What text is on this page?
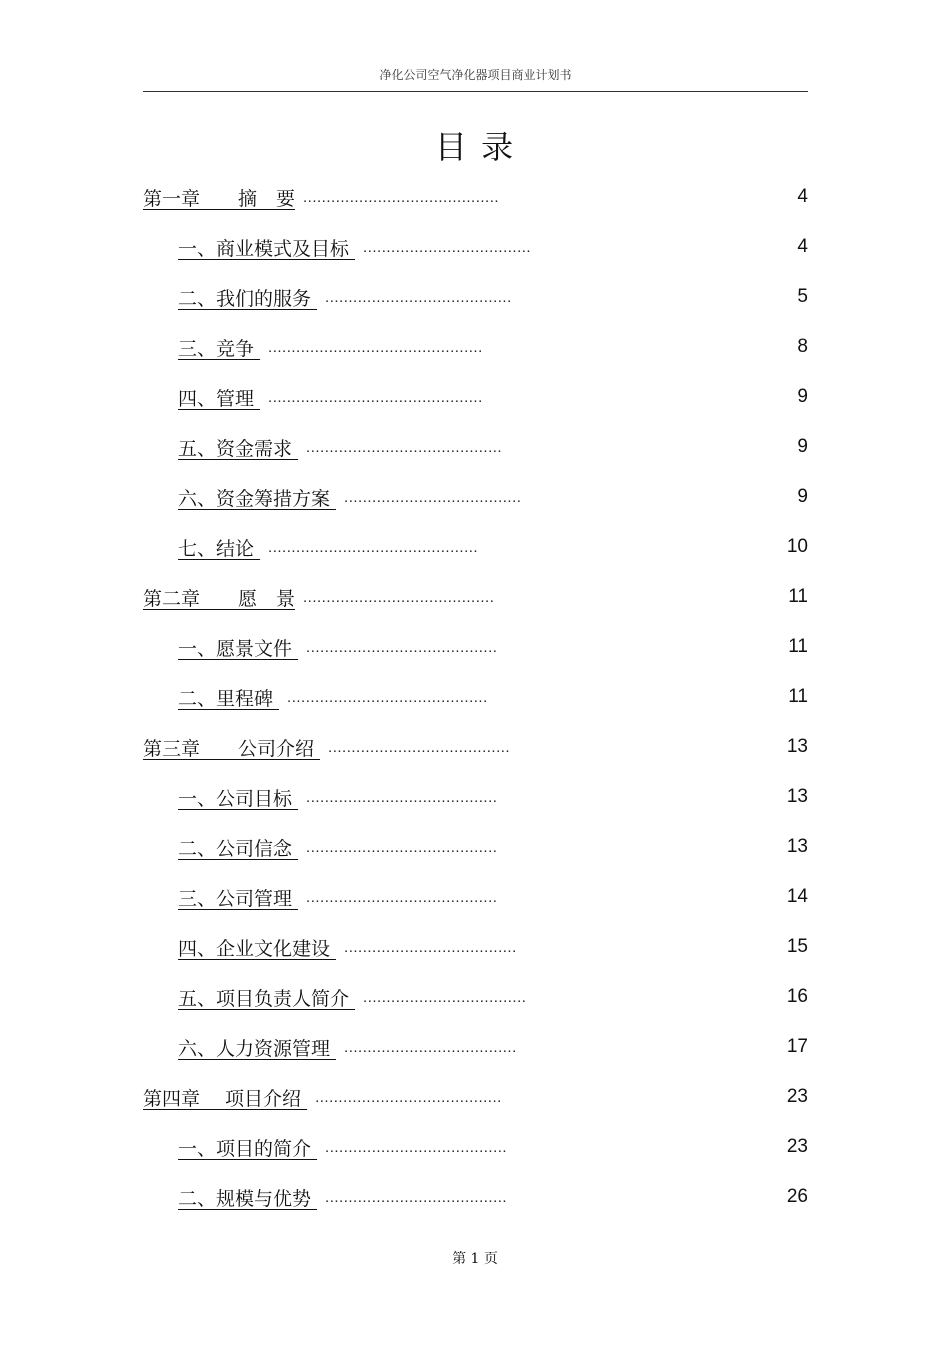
净化公司空气净化器项目商业计划书
目 录
第一章　　摘　要 ..........................................	4
一、商业模式及目标 ....................................	4
二、我们的服务 ........................................	5
三、竞争 ..............................................	8
四、管理 ..............................................	9
五、资金需求 ..........................................	9
六、资金筹措方案 ......................................	9
七、结论 .............................................	10
第二章　　愿　景 .........................................	11
一、愿景文件 .........................................	11
二、里程碑 ...........................................	11
第三章　　公司介绍 .......................................	13
一、公司目标 .........................................	13
二、公司信念 .........................................	13
三、公司管理 .........................................	14
四、企业文化建设 .....................................	15
五、项目负责人简介 ...................................	16
六、人力资源管理 .....................................	17
第四章　 项目介绍 ........................................	23
一、项目的简介 .......................................	23
二、规模与优势 .......................................	26
第 1 页
